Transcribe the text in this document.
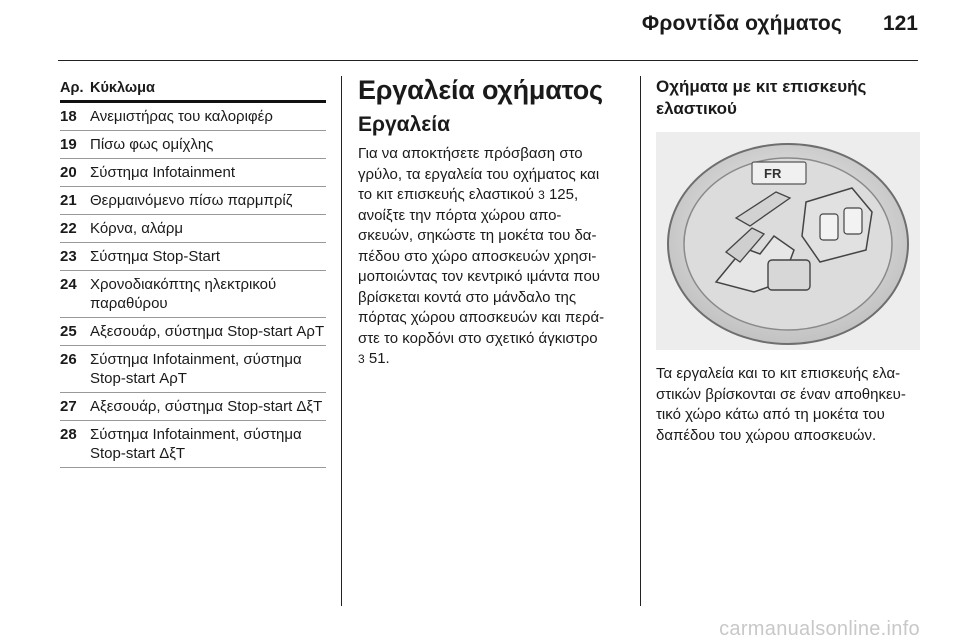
Φροντίδα οχήματος 121
Αρ. Κύκλωμα
18 Ανεμιστήρας του καλοριφέρ
19 Πίσω φως ομίχλης
20 Σύστημα Infotainment
21 Θερμαινόμενο πίσω παρμπρίζ
22 Κόρνα, αλάρμ
23 Σύστημα Stop-Start
24 Χρονοδιακόπτης ηλεκτρικού παραθύρου
25 Αξεσουάρ, σύστημα Stop-start ΑρΤ
26 Σύστημα Infotainment, σύστημα Stop-start ΑρΤ
27 Αξεσουάρ, σύστημα Stop-start ΔξΤ
28 Σύστημα Infotainment, σύστημα Stop-start ΔξΤ
Εργαλεία οχήματος
Εργαλεία

Για να αποκτήσετε πρόσβαση στο
γρύλο, τα εργαλεία του οχήματος και
το κιτ επισκευής ελαστικού 3 125,
ανοίξτε την πόρτα χώρου απο-
σκευών, σηκώστε τη μοκέτα του δα-
πέδου στο χώρο αποσκευών χρησι-
μοποιώντας τον κεντρικό ιμάντα που
βρίσκεται κοντά στο μάνδαλο της
πόρτας χώρου αποσκευών και περά-
στε το κορδόνι στο σχετικό άγκιστρο
3 51.

Οχήματα με κιτ επισκευής
ελαστικού
FR

Τα εργαλεία και το κιτ επισκευής ελα-
στικών βρίσκονται σε έναν αποθηκευ-
τικό χώρο κάτω από τη μοκέτα του
δαπέδου του χώρου αποσκευών.

carmanualsonline.info
